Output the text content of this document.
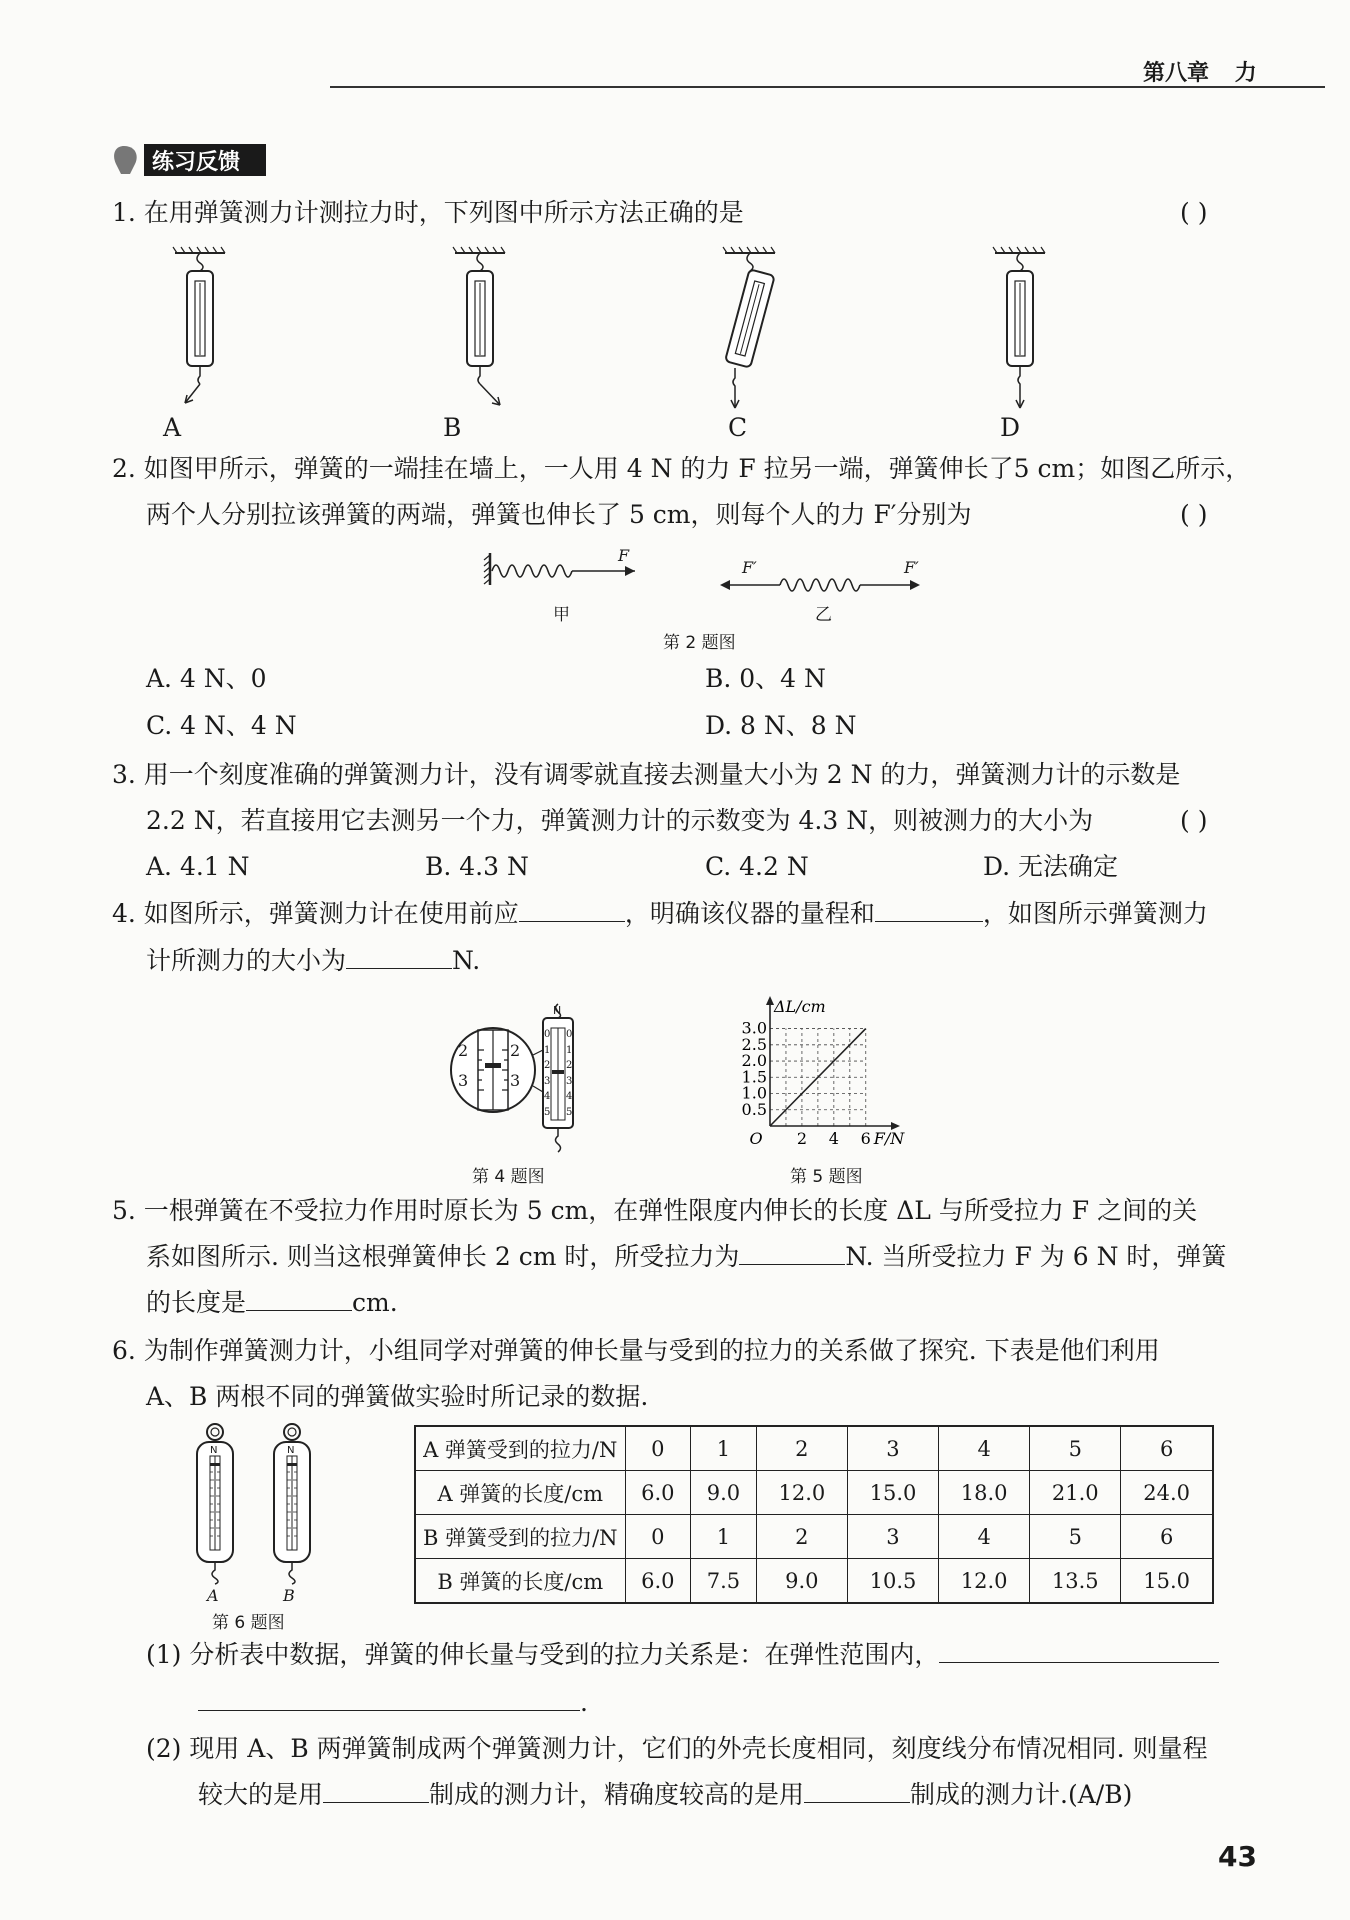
第八章 力
练习反馈
1. 在用弹簧测力计测拉力时，下列图中所示方法正确的是	( )
A	B	C	D
2. 如图甲所示，弹簧的一端挂在墙上，一人用 4 N 的力 F 拉另一端，弹簧伸长了5 cm；如图乙所示，
两个人分别拉该弹簧的两端，弹簧也伸长了 5 cm，则每个人的力 F′分别为	( )
F
F′	F′
甲	乙
第 2 题图
A. 4 N、0	B. 0、4 N
C. 4 N、4 N	D. 8 N、8 N
3. 用一个刻度准确的弹簧测力计，没有调零就直接去测量大小为 2 N 的力，弹簧测力计的示数是
2.2 N，若直接用它去测另一个力，弹簧测力计的示数变为 4.3 N，则被测力的大小为	( )
A. 4.1 N	B. 4.3 N	C. 4.2 N	D. 无法确定
4. 如图所示，弹簧测力计在使用前应	，明确该仪器的量程和	，如图所示弹簧测力
计所测力的大小为	N.
2	2
3	3
N
0
1
2
3
4
5
0
1
2
3
4
5
第 4 题图
2 4 6
0.5
1.0
1.5
2.0
2.5
3.0
O	F/N
ΔL/cm
第 5 题图
5. 一根弹簧在不受拉力作用时原长为 5 cm，在弹性限度内伸长的长度 ΔL 与所受拉力 F 之间的关
系如图所示. 则当这根弹簧伸长 2 cm 时，所受拉力为	N. 当所受拉力 F 为 6 N 时，弹簧
的长度是	cm.
6. 为制作弹簧测力计，小组同学对弹簧的伸长量与受到的拉力的关系做了探究. 下表是他们利用
A、B 两根不同的弹簧做实验时所记录的数据.
N	N
A	B
第 6 题图
A 弹簧受到的拉力/N	0	1	2	3	4	5	6
A 弹簧的长度/cm	6.0	9.0	12.0	15.0	18.0	21.0	24.0
B 弹簧受到的拉力/N	0	1	2	3	4	5	6
B 弹簧的长度/cm	6.0	7.5	9.0	10.5	12.0	13.5	15.0
(1) 分析表中数据，弹簧的伸长量与受到的拉力关系是：在弹性范围内，
.
(2) 现用 A、B 两弹簧制成两个弹簧测力计，它们的外壳长度相同，刻度线分布情况相同. 则量程
较大的是用	制成的测力计，精确度较高的是用	制成的测力计.(A/B)
43
